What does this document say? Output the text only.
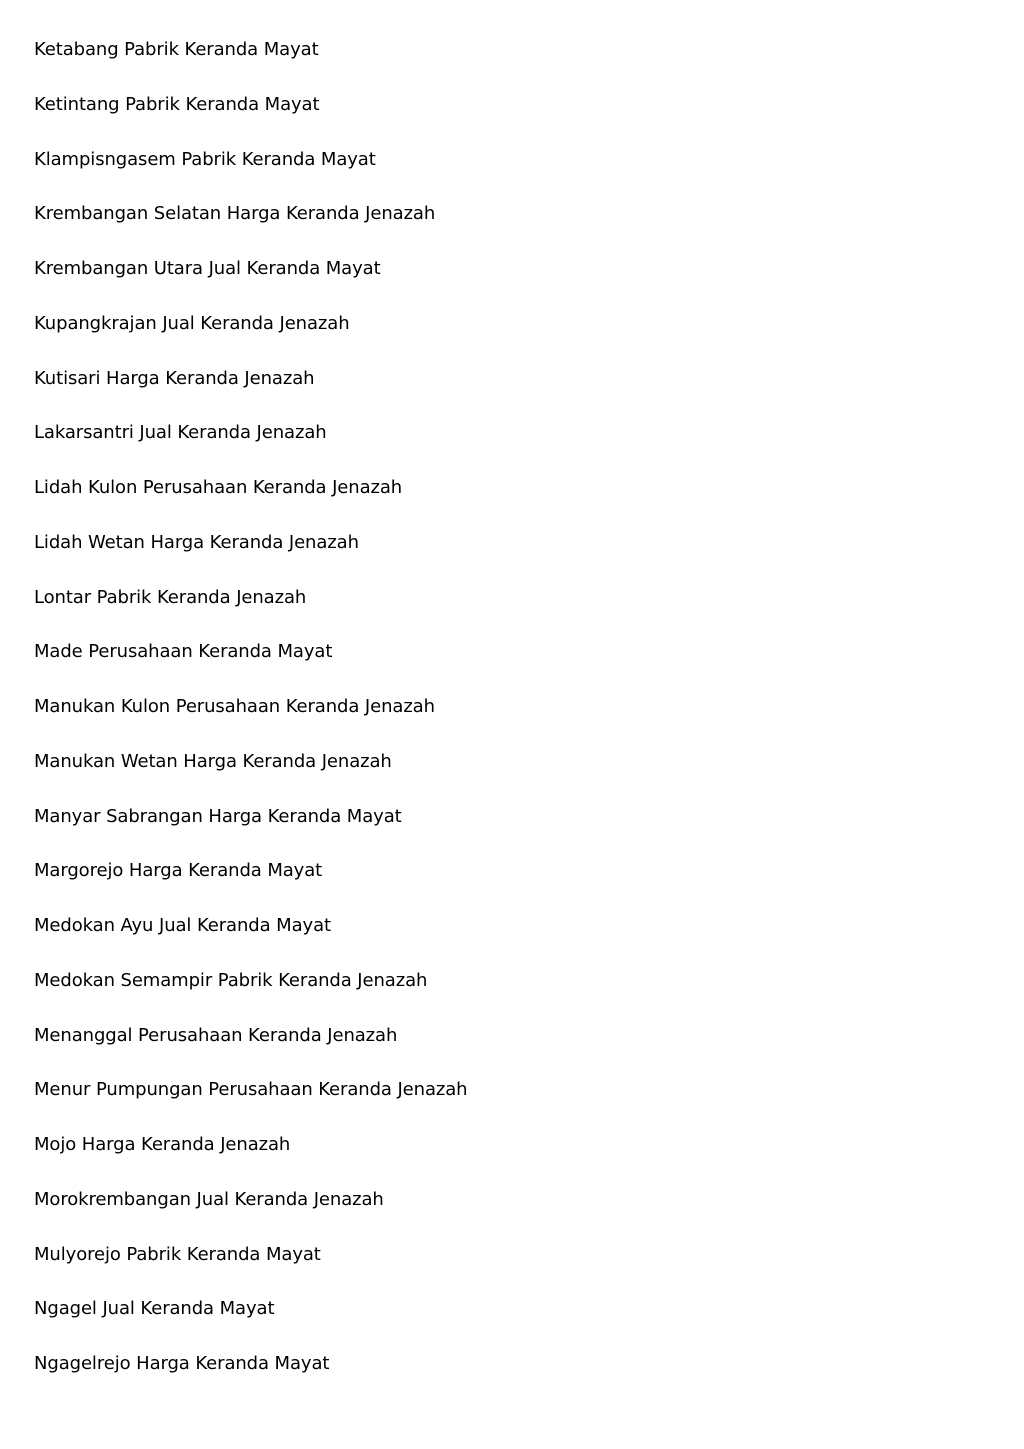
Ketabang Pabrik Keranda Mayat
Ketintang Pabrik Keranda Mayat
Klampisngasem Pabrik Keranda Mayat
Krembangan Selatan Harga Keranda Jenazah
Krembangan Utara Jual Keranda Mayat
Kupangkrajan Jual Keranda Jenazah
Kutisari Harga Keranda Jenazah
Lakarsantri Jual Keranda Jenazah
Lidah Kulon Perusahaan Keranda Jenazah
Lidah Wetan Harga Keranda Jenazah
Lontar Pabrik Keranda Jenazah
Made Perusahaan Keranda Mayat
Manukan Kulon Perusahaan Keranda Jenazah
Manukan Wetan Harga Keranda Jenazah
Manyar Sabrangan Harga Keranda Mayat
Margorejo Harga Keranda Mayat
Medokan Ayu Jual Keranda Mayat
Medokan Semampir Pabrik Keranda Jenazah
Menanggal Perusahaan Keranda Jenazah
Menur Pumpungan Perusahaan Keranda Jenazah
Mojo Harga Keranda Jenazah
Morokrembangan Jual Keranda Jenazah
Mulyorejo Pabrik Keranda Mayat
Ngagel Jual Keranda Mayat
Ngagelrejo Harga Keranda Mayat
